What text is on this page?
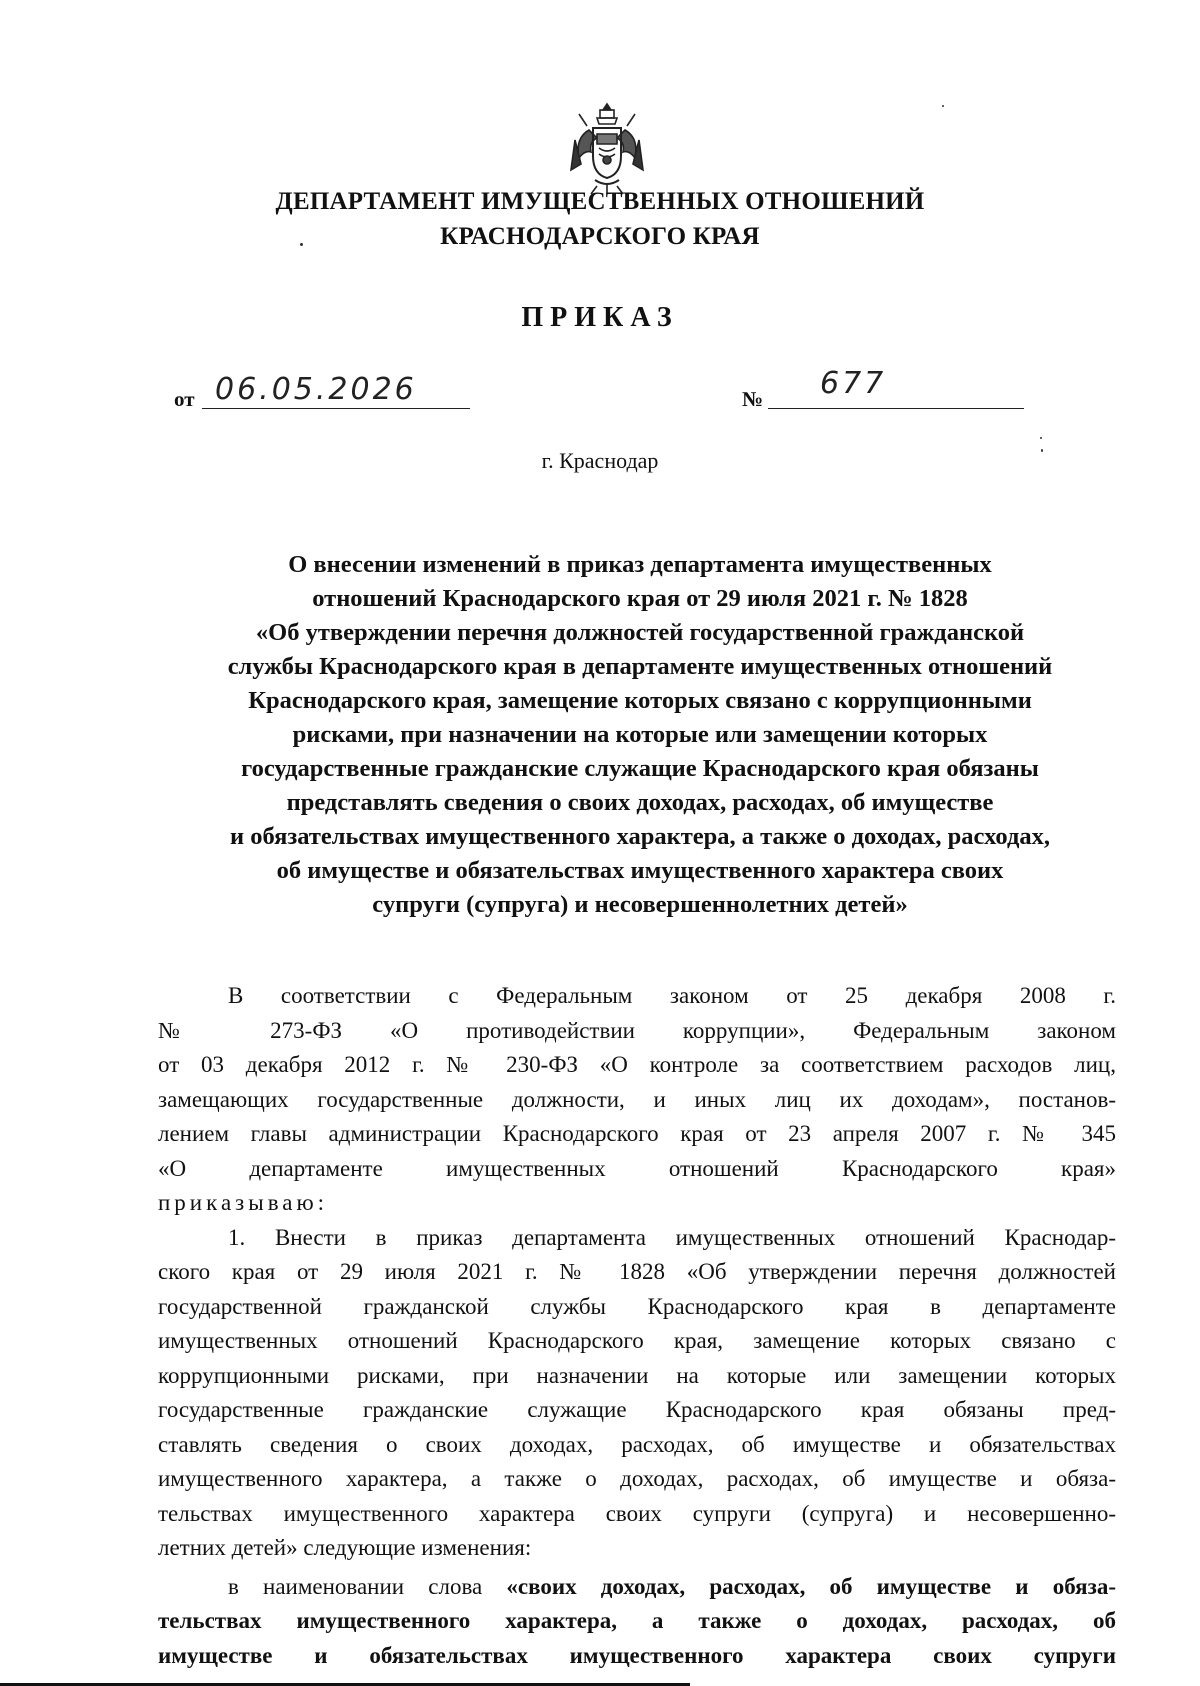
ДЕПАРТАМЕНТ ИМУЩЕСТВЕННЫХ ОТНОШЕНИЙ
КРАСНОДАРСКОГО КРАЯ
ПРИКАЗ
от 06.05.2026	№ 677
г. Краснодар
О внесении изменений в приказ департамента имущественных
отношений Краснодарского края от 29 июля 2021 г. № 1828
«Об утверждении перечня должностей государственной гражданской
службы Краснодарского края в департаменте имущественных отношений
Краснодарского края, замещение которых связано с коррупционными
рисками, при назначении на которые или замещении которых
государственные гражданские служащие Краснодарского края обязаны
представлять сведения о своих доходах, расходах, об имуществе
и обязательствах имущественного характера, а также о доходах, расходах,
об имуществе и обязательствах имущественного характера своих
супруги (супруга) и несовершеннолетних детей»

В соответствии с Федеральным законом от 25 декабря 2008 г.

№ 273-ФЗ «О противодействии коррупции», Федеральным законом

от 03 декабря 2012 г. № 230-ФЗ «О контроле за соответствием расходов лиц,

замещающих государственные должности, и иных лиц их доходам», постанов-

лением главы администрации Краснодарского края от 23 апреля 2007 г. № 345

«О департаменте имущественных отношений Краснодарского края»

приказываю:

1. Внести в приказ департамента имущественных отношений Краснодар-

ского края от 29 июля 2021 г. № 1828 «Об утверждении перечня должностей

государственной гражданской службы Краснодарского края в департаменте

имущественных отношений Краснодарского края, замещение которых связано с

коррупционными рисками, при назначении на которые или замещении которых

государственные гражданские служащие Краснодарского края обязаны пред-

ставлять сведения о своих доходах, расходах, об имуществе и обязательствах

имущественного характера, а также о доходах, расходах, об имуществе и обяза-

тельствах имущественного характера своих супруги (супруга) и несовершенно-

летних детей» следующие изменения:

в наименовании слова «своих доходах, расходах, об имуществе и обяза-

тельствах имущественного характера, а также о доходах, расходах, об

имуществе и обязательствах имущественного характера своих супруги
